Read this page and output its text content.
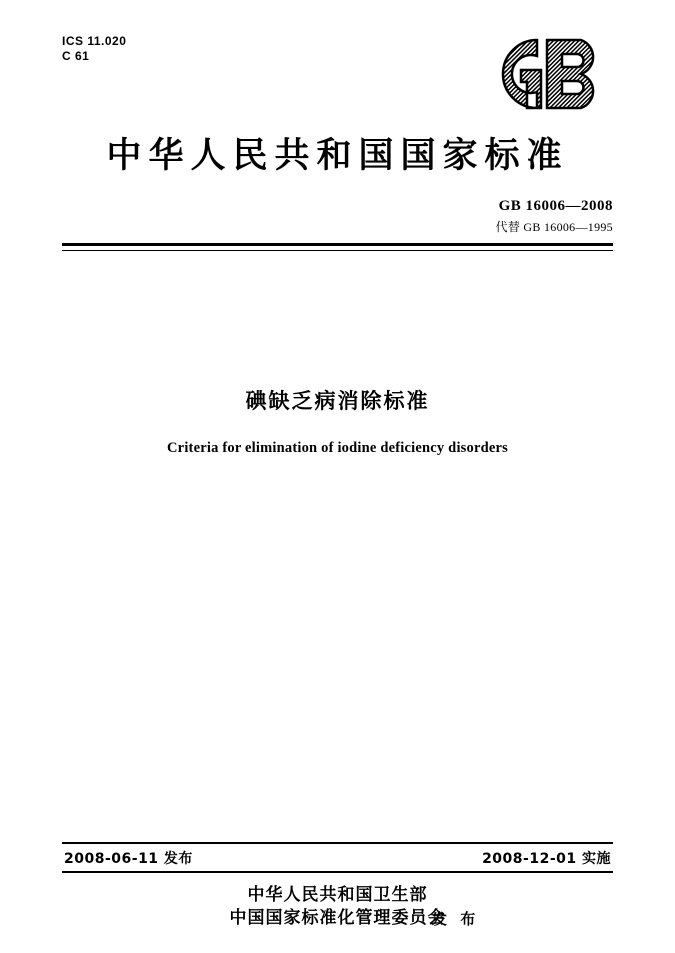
ICS 11.020
C 61
中华人民共和国国家标准
GB 16006—2008
代替 GB 16006—1995
碘缺乏病消除标准
Criteria for elimination of iodine deficiency disorders
2008-06-11 发布	2008-12-01 实施
中华人民共和国卫生部
中国国家标准化管理委员会
发 布
